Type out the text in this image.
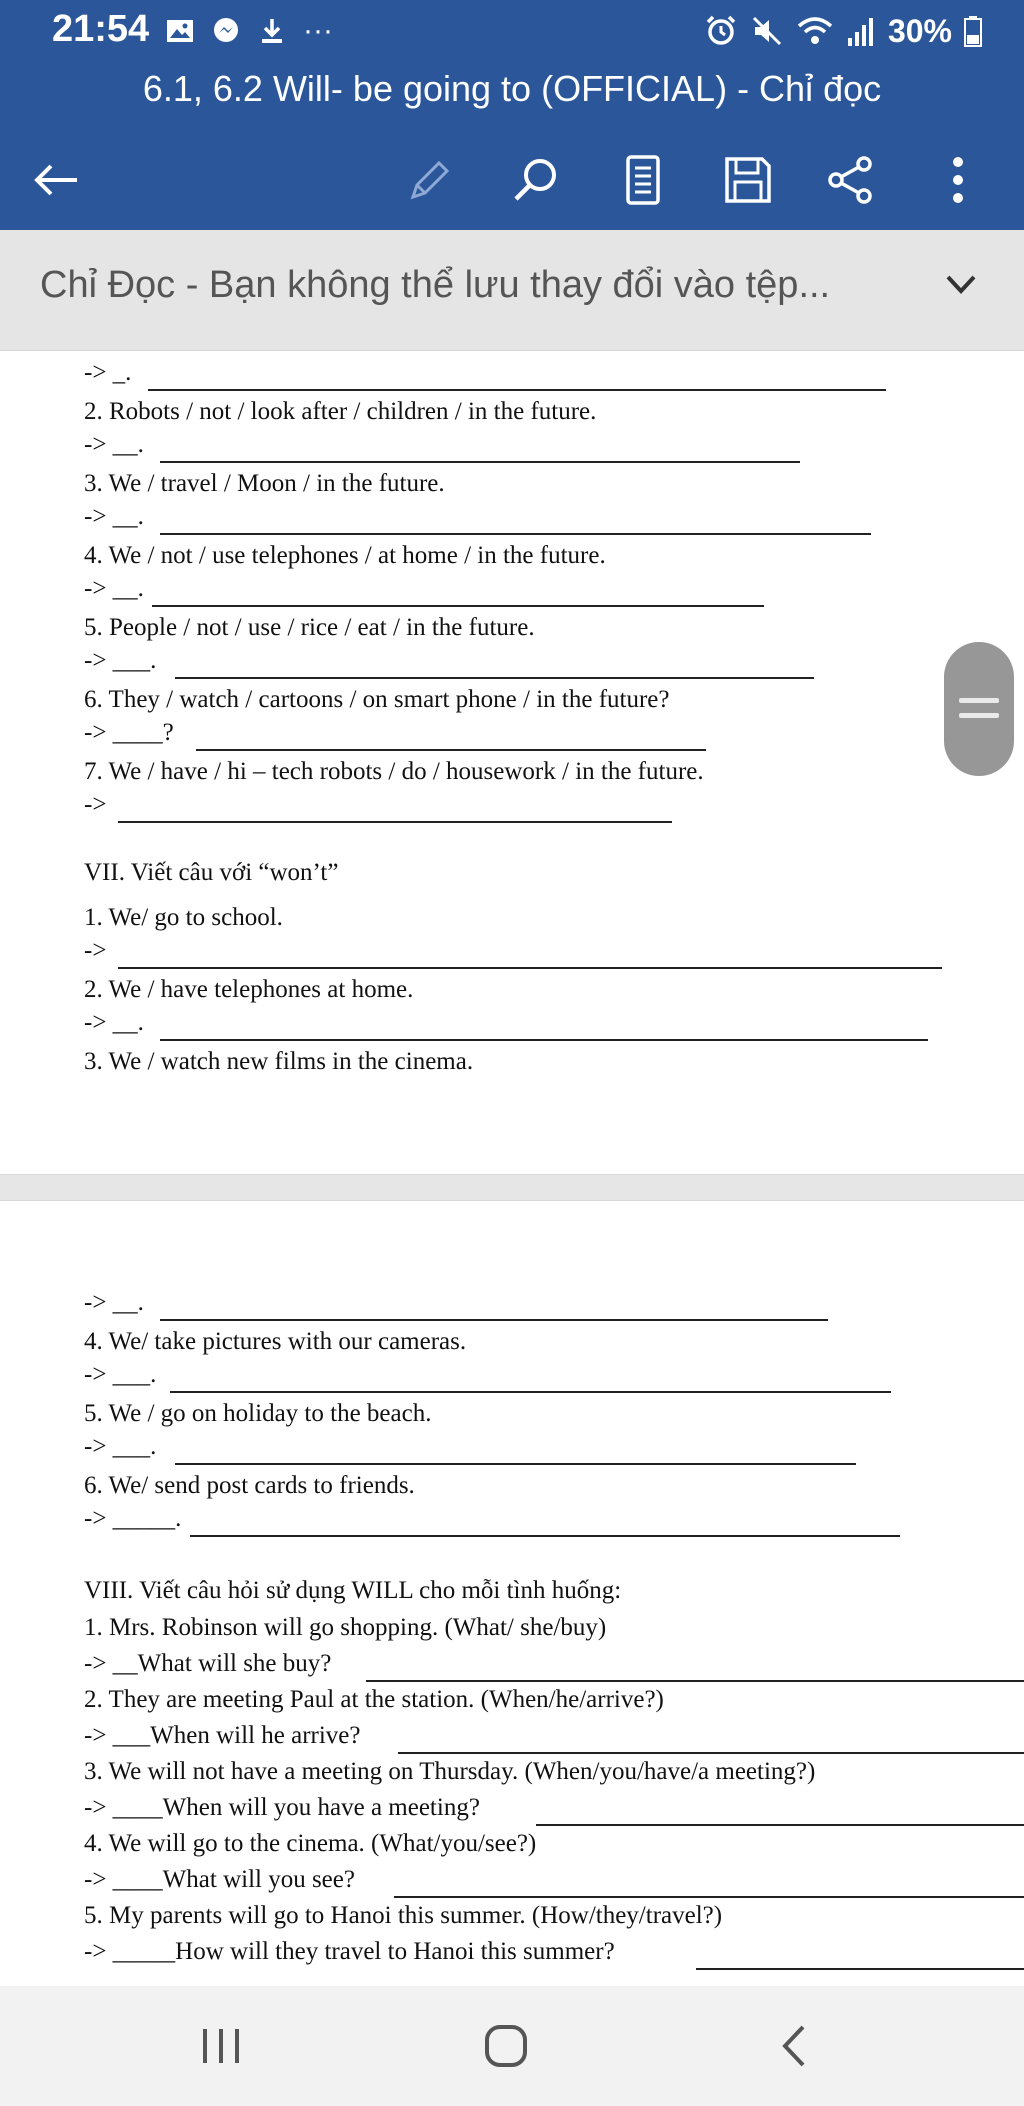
21:54	···	30%
6.1, 6.2 Will- be going to (OFFICIAL) - Chỉ đọc
Chỉ Đọc - Bạn không thể lưu thay đổi vào tệp...
-> _.
2. Robots / not / look after / children / in the future.
-> __.
3. We / travel / Moon / in the future.
-> __.
4. We / not / use telephones / at home / in the future.
-> __.
5. People / not / use / rice / eat / in the future.
-> ___.
6. They / watch / cartoons / on smart phone / in the future?
-> ____?
7. We / have / hi – tech robots / do / housework / in the future.
->
VII. Viết câu với “won’t”
1. We/ go to school.
->
2. We / have telephones at home.
-> __.
3. We / watch new films in the cinema.
-> __.
4. We/ take pictures with our cameras.
-> ___.
5. We / go on holiday to the beach.
-> ___.
6. We/ send post cards to friends.
-> _____.
VIII. Viết câu hỏi sử dụng WILL cho mỗi tình huống:
1. Mrs. Robinson will go shopping. (What/ she/buy)
-> __What will she buy?
2. They are meeting Paul at the station. (When/he/arrive?)
-> ___When will he arrive?
3. We will not have a meeting on Thursday. (When/you/have/a meeting?)
-> ____When will you have a meeting?
4. We will go to the cinema. (What/you/see?)
-> ____What will you see?
5. My parents will go to Hanoi this summer. (How/they/travel?)
-> _____How will they travel to Hanoi this summer?
